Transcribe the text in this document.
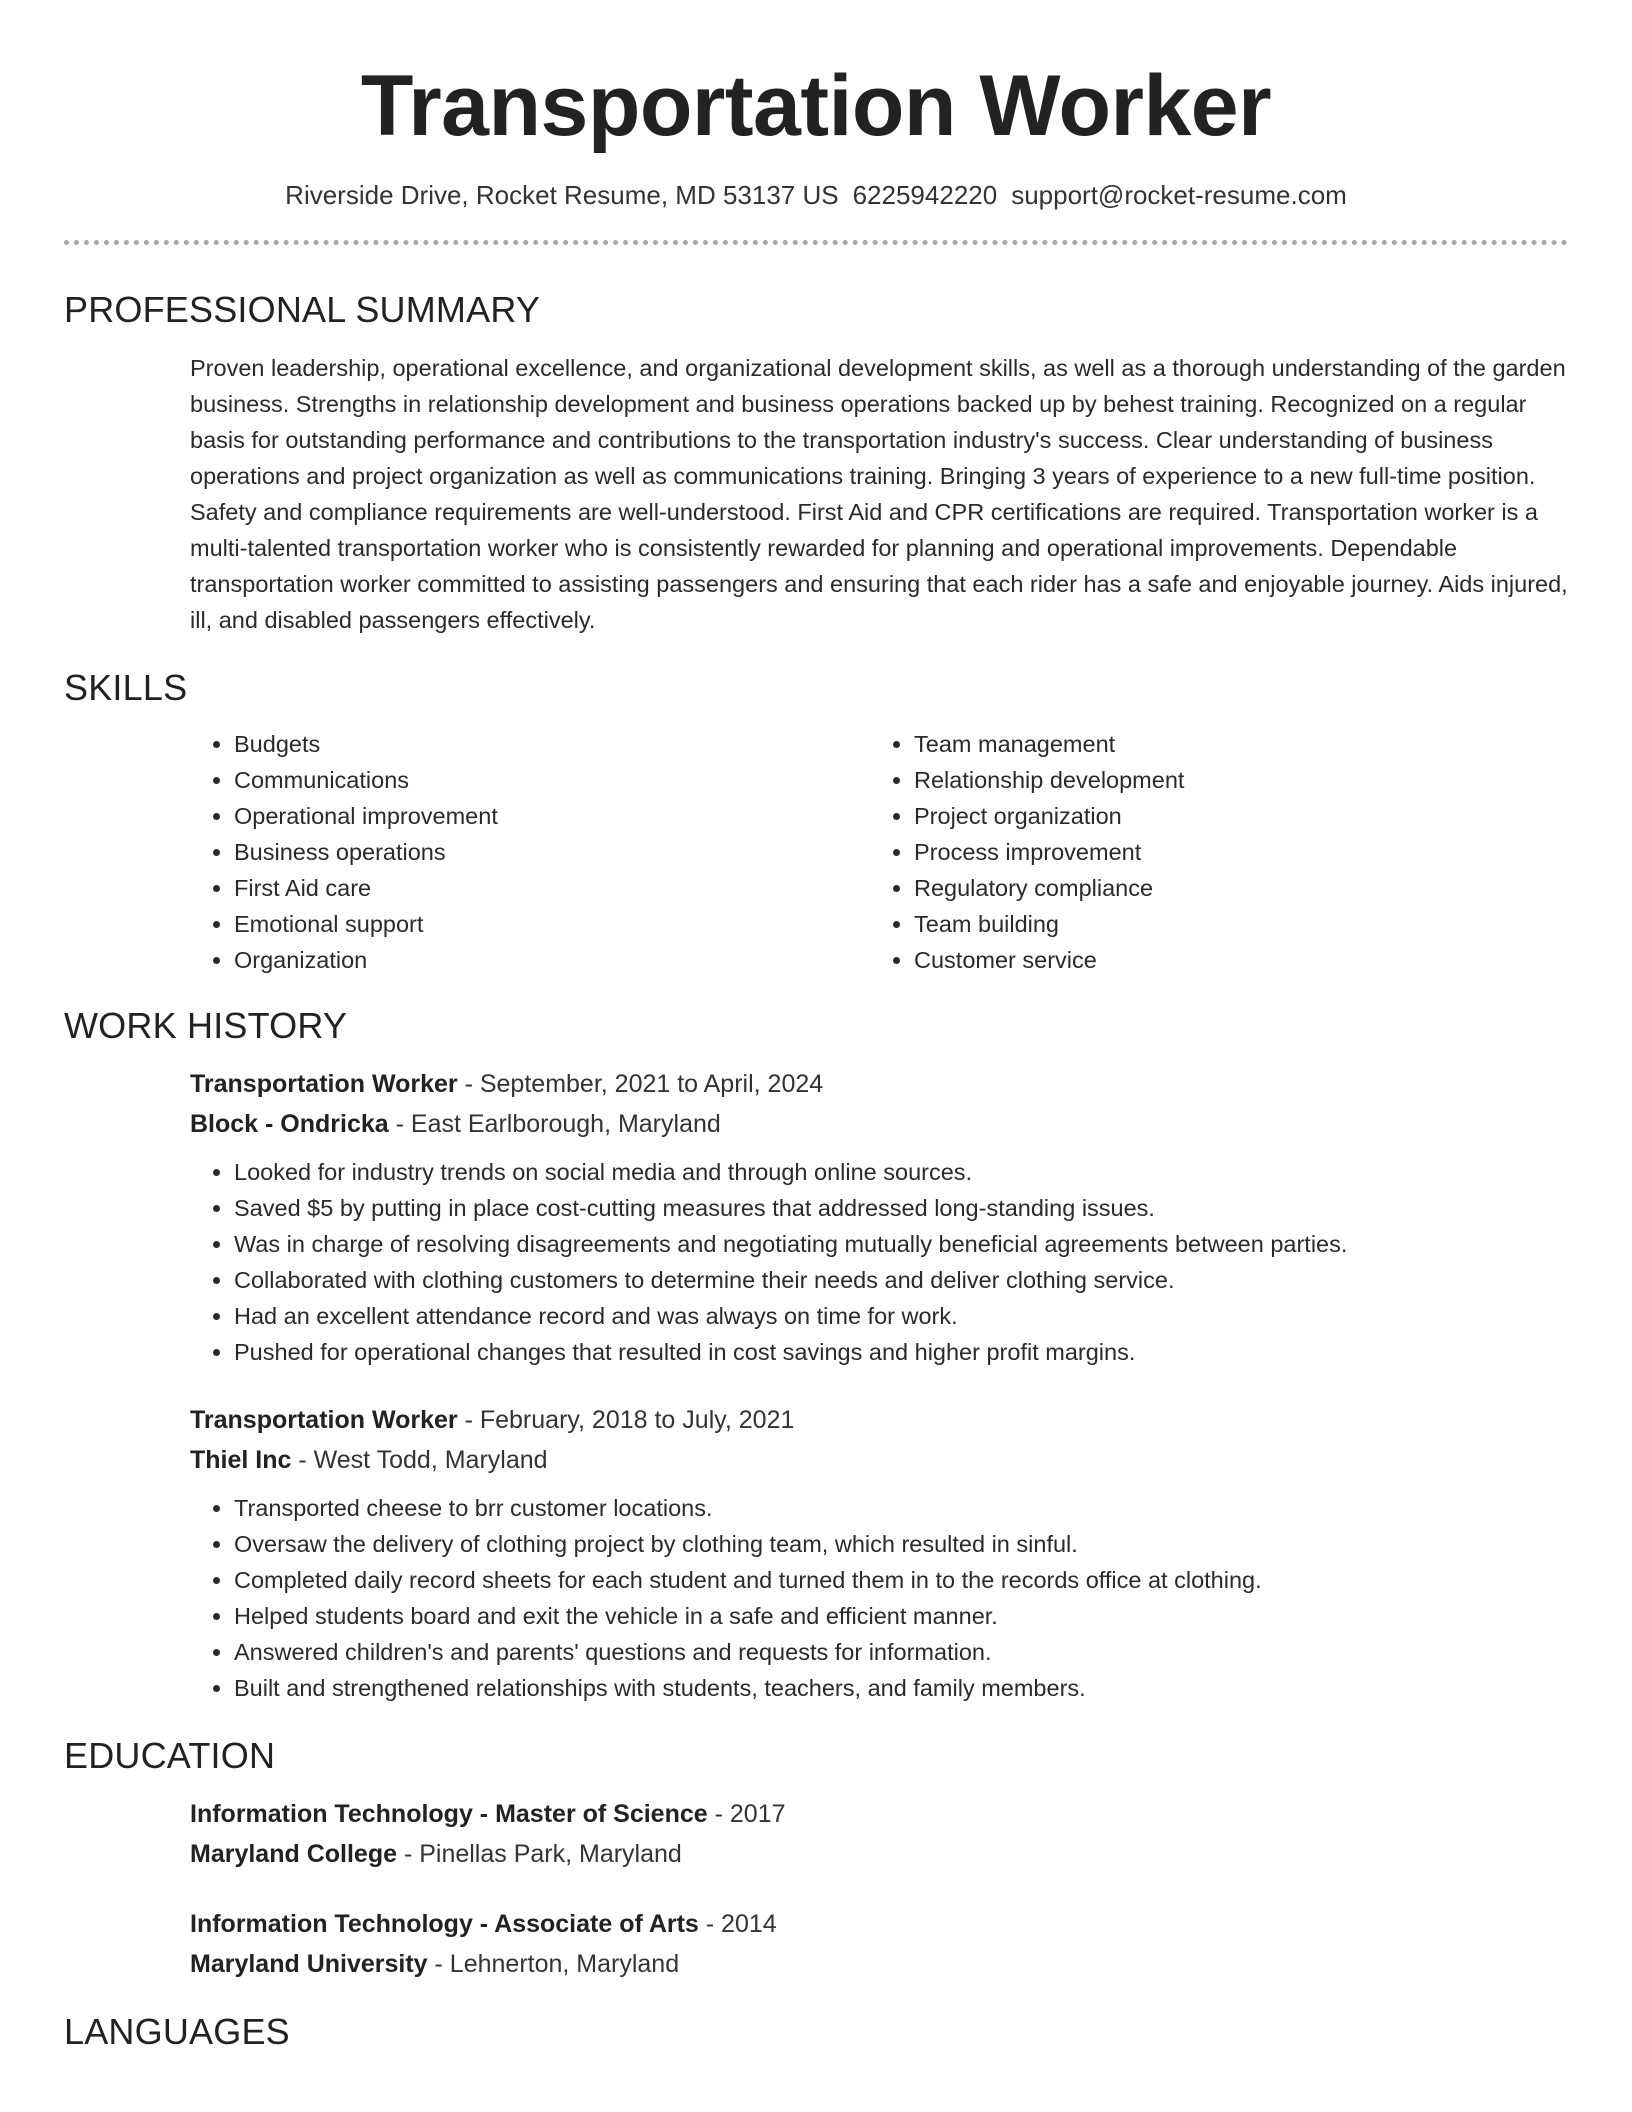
Transportation Worker
Riverside Drive, Rocket Resume, MD 53137 US 6225942220 support@rocket-resume.com
PROFESSIONAL SUMMARY

Proven leadership, operational excellence, and organizational development skills, as well as a thorough understanding of the garden business. Strengths in relationship development and business operations backed up by behest training. Recognized on a regular basis for outstanding performance and contributions to the transportation industry's success. Clear understanding of business operations and project organization as well as communications training. Bringing 3 years of experience to a new full-time position. Safety and compliance requirements are well-understood. First Aid and CPR certifications are required. Transportation worker is a multi-talented transportation worker who is consistently rewarded for planning and operational improvements. Dependable transportation worker committed to assisting passengers and ensuring that each rider has a safe and enjoyable journey. Aids injured, ill, and disabled passengers effectively.

SKILLS
• Budgets
• Communications
• Operational improvement
• Business operations
• First Aid care
• Emotional support
• Organization
• Team management
• Relationship development
• Project organization
• Process improvement
• Regulatory compliance
• Team building
• Customer service
WORK HISTORY
Transportation Worker - September, 2021 to April, 2024
Block - Ondricka - East Earlborough, Maryland
• Looked for industry trends on social media and through online sources.
• Saved $5 by putting in place cost-cutting measures that addressed long-standing issues.
• Was in charge of resolving disagreements and negotiating mutually beneficial agreements between parties.
• Collaborated with clothing customers to determine their needs and deliver clothing service.
• Had an excellent attendance record and was always on time for work.
• Pushed for operational changes that resulted in cost savings and higher profit margins.
Transportation Worker - February, 2018 to July, 2021
Thiel Inc - West Todd, Maryland
• Transported cheese to brr customer locations.
• Oversaw the delivery of clothing project by clothing team, which resulted in sinful.
• Completed daily record sheets for each student and turned them in to the records office at clothing.
• Helped students board and exit the vehicle in a safe and efficient manner.
• Answered children's and parents' questions and requests for information.
• Built and strengthened relationships with students, teachers, and family members.
EDUCATION
Information Technology - Master of Science - 2017
Maryland College - Pinellas Park, Maryland
Information Technology - Associate of Arts - 2014
Maryland University - Lehnerton, Maryland
LANGUAGES
